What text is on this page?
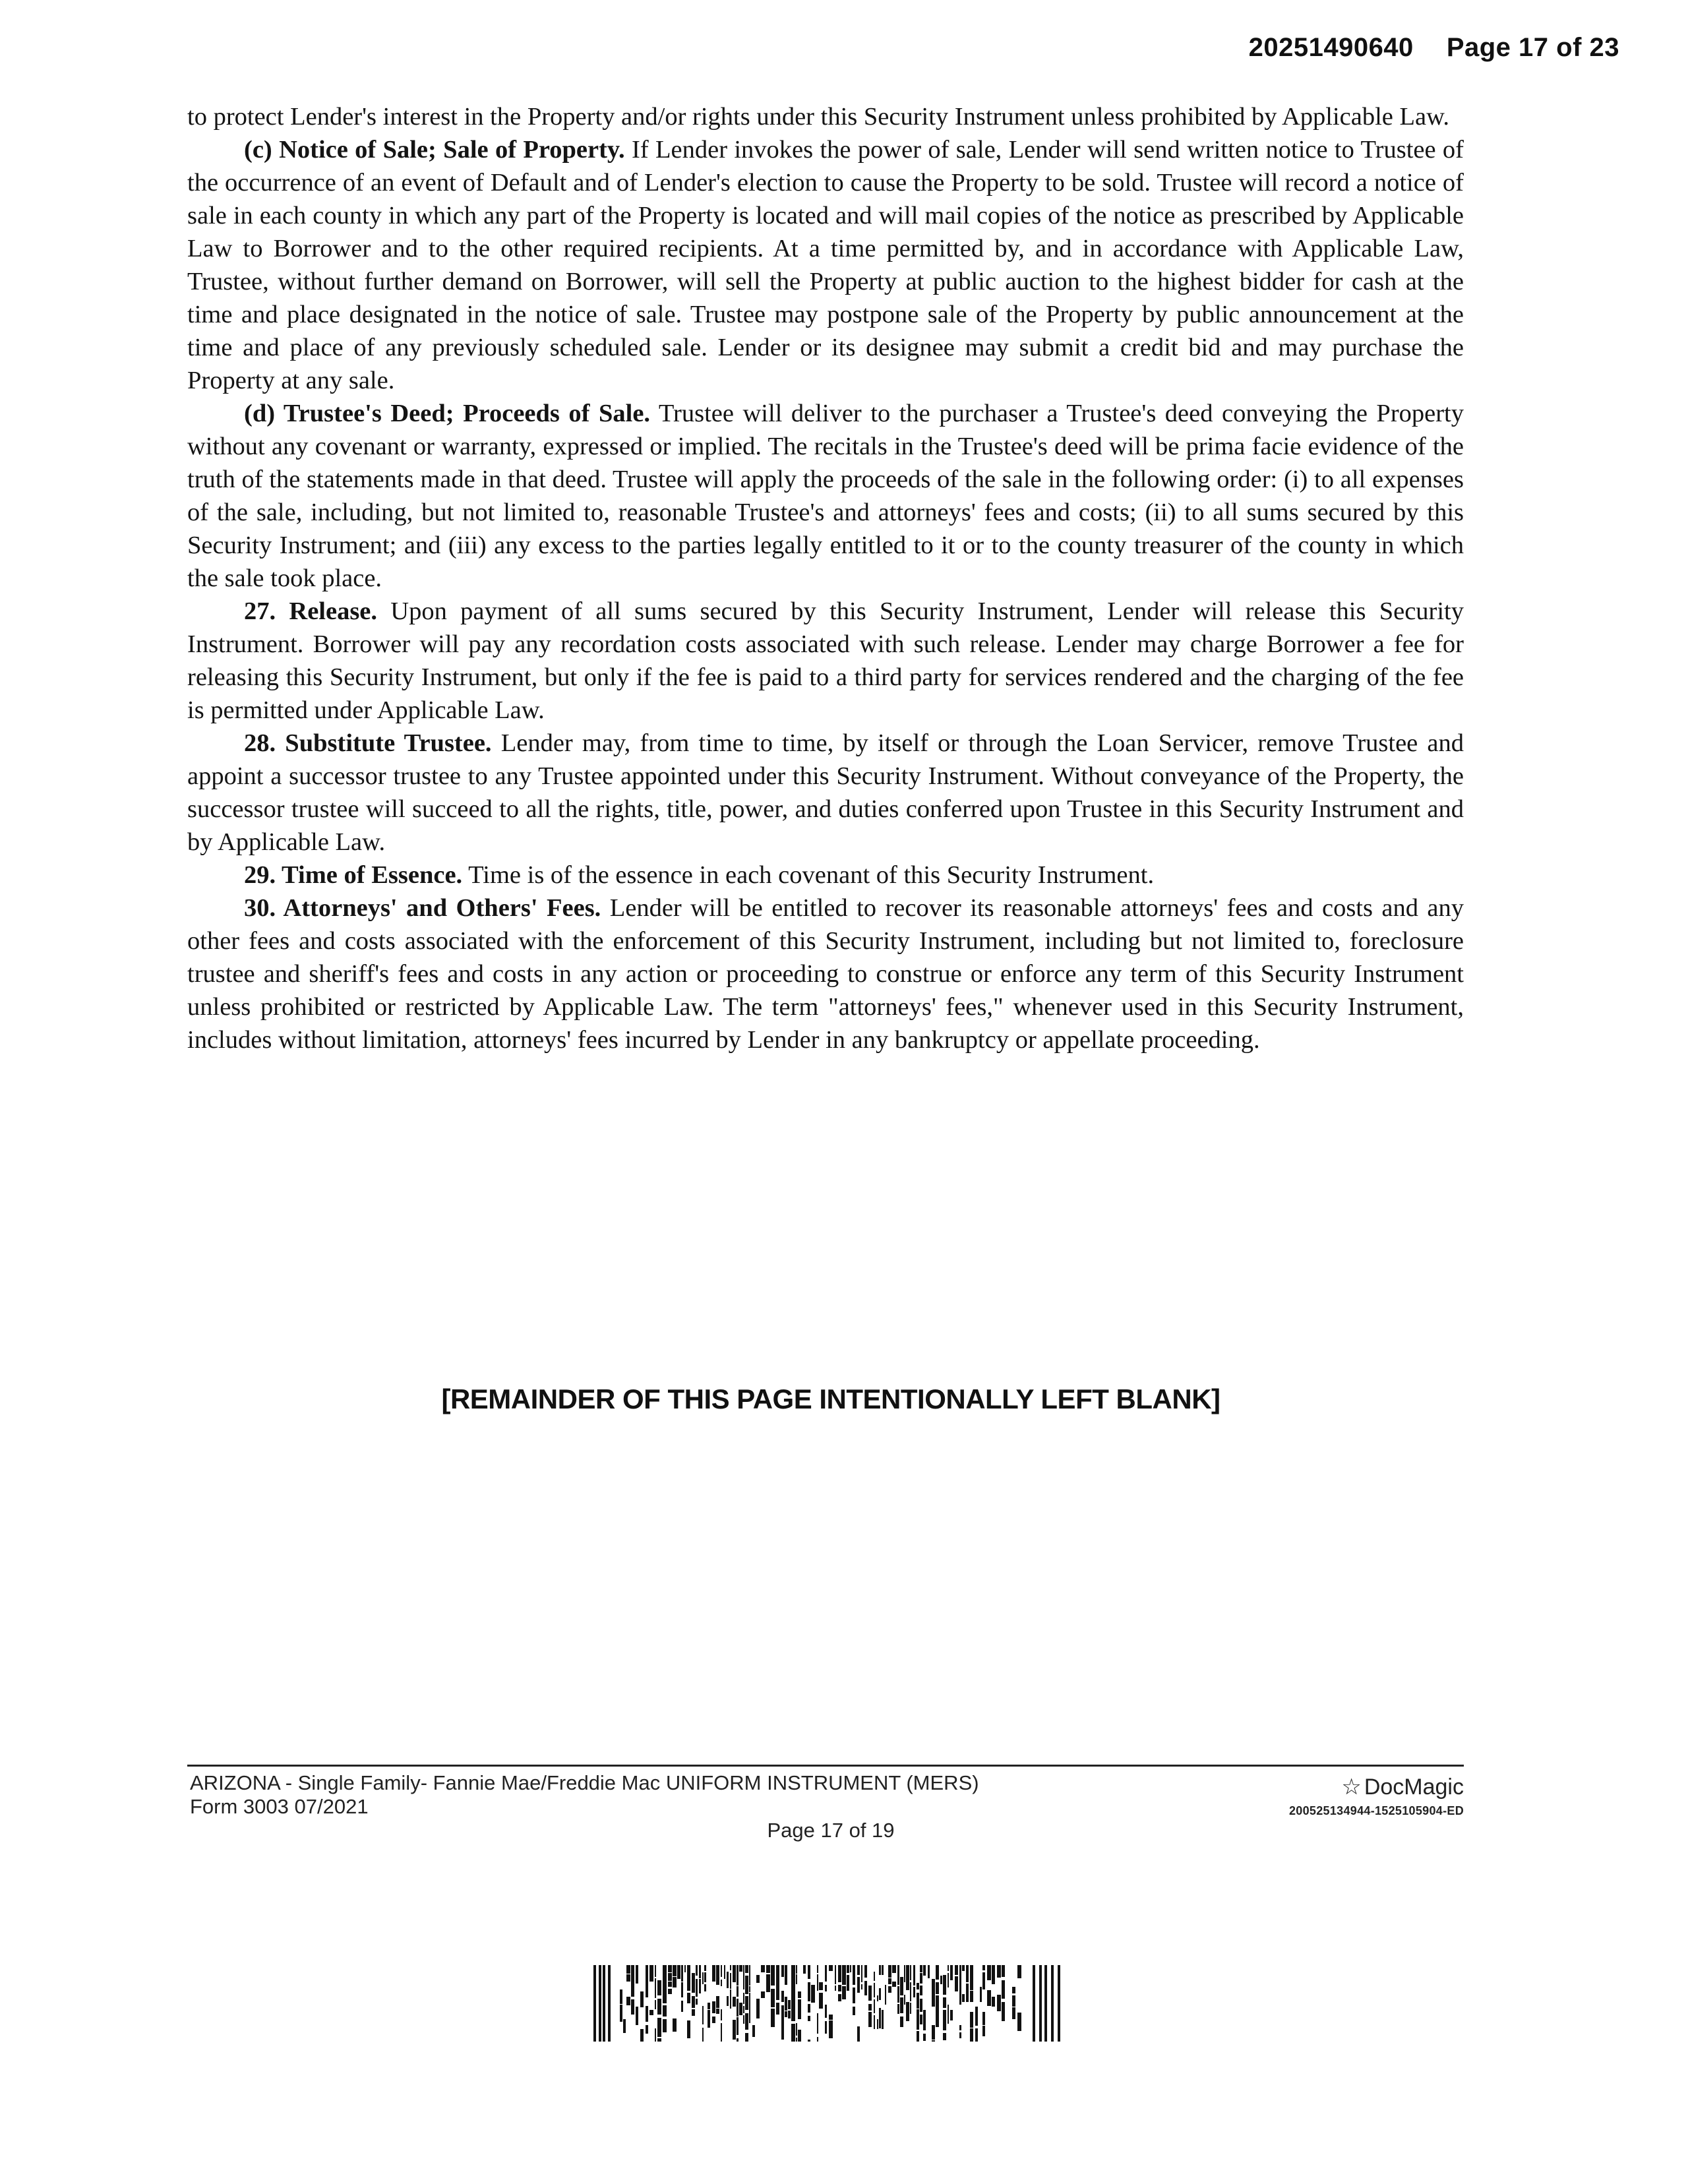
20251490640 Page 17 of 23

to protect Lender's interest in the Property and/or rights under this Security Instrument unless prohibited by Applicable Law.

(c) Notice of Sale; Sale of Property. If Lender invokes the power of sale, Lender will send written notice to Trustee of the occurrence of an event of Default and of Lender's election to cause the Property to be sold. Trustee will record a notice of sale in each county in which any part of the Property is located and will mail copies of the notice as prescribed by Applicable Law to Borrower and to the other required recipients. At a time permitted by, and in accordance with Applicable Law, Trustee, without further demand on Borrower, will sell the Property at public auction to the highest bidder for cash at the time and place designated in the notice of sale. Trustee may postpone sale of the Property by public announcement at the time and place of any previously scheduled sale. Lender or its designee may submit a credit bid and may purchase the Property at any sale.

(d) Trustee's Deed; Proceeds of Sale. Trustee will deliver to the purchaser a Trustee's deed conveying the Property without any covenant or warranty, expressed or implied. The recitals in the Trustee's deed will be prima facie evidence of the truth of the statements made in that deed. Trustee will apply the proceeds of the sale in the following order: (i) to all expenses of the sale, including, but not limited to, reasonable Trustee's and attorneys' fees and costs; (ii) to all sums secured by this Security Instrument; and (iii) any excess to the parties legally entitled to it or to the county treasurer of the county in which the sale took place.

27. Release. Upon payment of all sums secured by this Security Instrument, Lender will release this Security Instrument. Borrower will pay any recordation costs associated with such release. Lender may charge Borrower a fee for releasing this Security Instrument, but only if the fee is paid to a third party for services rendered and the charging of the fee is permitted under Applicable Law.

28. Substitute Trustee. Lender may, from time to time, by itself or through the Loan Servicer, remove Trustee and appoint a successor trustee to any Trustee appointed under this Security Instrument. Without conveyance of the Property, the successor trustee will succeed to all the rights, title, power, and duties conferred upon Trustee in this Security Instrument and by Applicable Law.

29. Time of Essence. Time is of the essence in each covenant of this Security Instrument.

30. Attorneys' and Others' Fees. Lender will be entitled to recover its reasonable attorneys' fees and costs and any other fees and costs associated with the enforcement of this Security Instrument, including but not limited to, foreclosure trustee and sheriff's fees and costs in any action or proceeding to construe or enforce any term of this Security Instrument unless prohibited or restricted by Applicable Law. The term "attorneys' fees," whenever used in this Security Instrument, includes without limitation, attorneys' fees incurred by Lender in any bankruptcy or appellate proceeding.

[REMAINDER OF THIS PAGE INTENTIONALLY LEFT BLANK]
ARIZONA - Single Family- Fannie Mae/Freddie Mac UNIFORM INSTRUMENT (MERS)
Form 3003 07/2021
Page 17 of 19
☆ DocMagic
200525134944-1525105904-ED
